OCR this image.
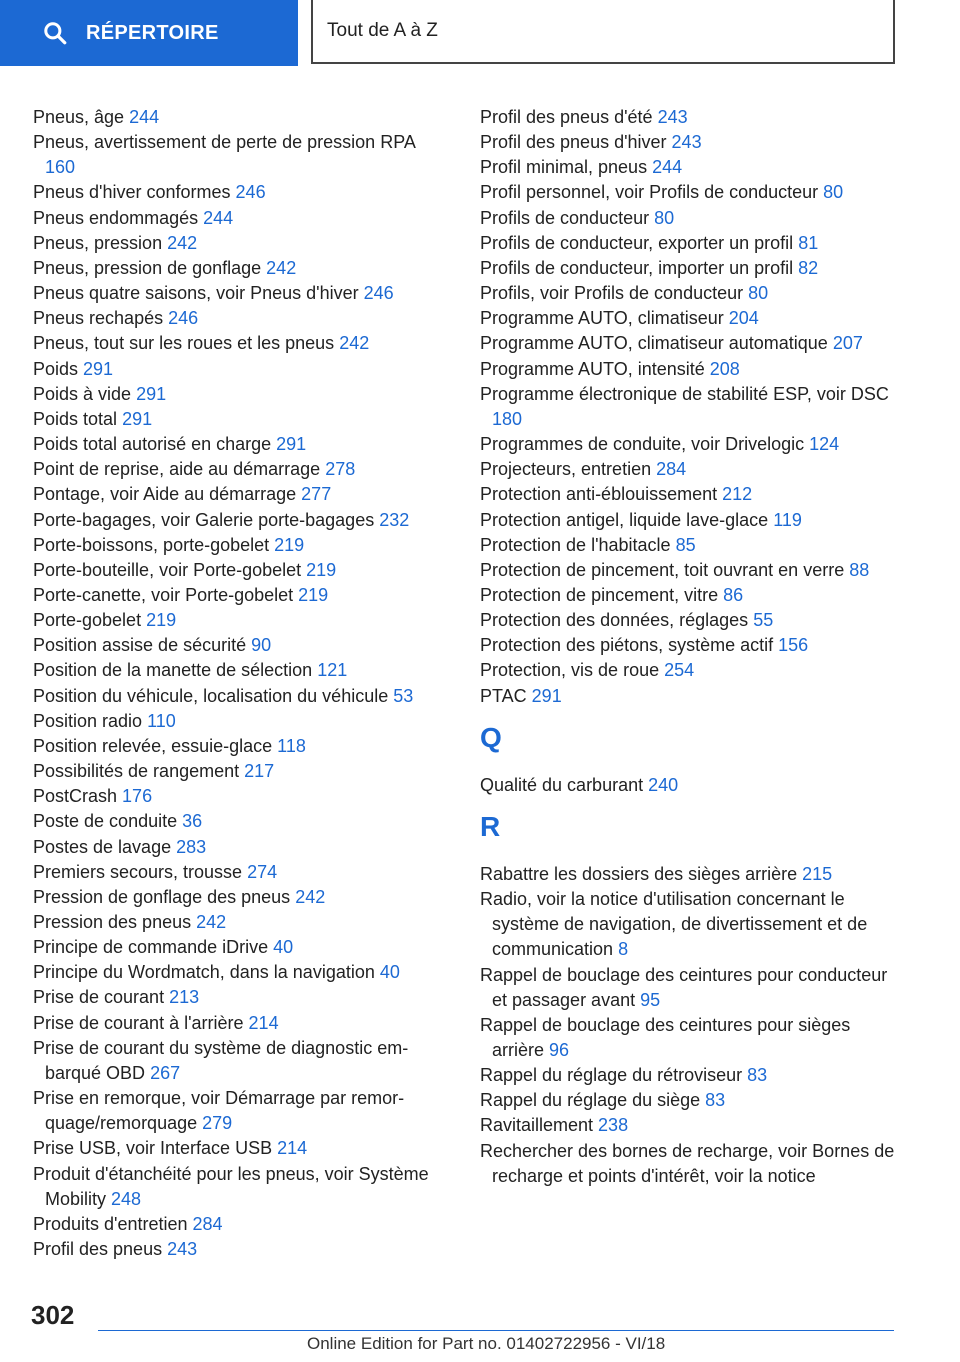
RÉPERTOIRE	Tout de A à Z
Pneus, âge 244
Pneus, avertissement de perte de pression RPA 160
Pneus d'hiver conformes 246
Pneus endommagés 244
Pneus, pression 242
Pneus, pression de gonflage 242
Pneus quatre saisons, voir Pneus d'hiver 246
Pneus rechapés 246
Pneus, tout sur les roues et les pneus 242
Poids 291
Poids à vide 291
Poids total 291
Poids total autorisé en charge 291
Point de reprise, aide au démarrage 278
Pontage, voir Aide au démarrage 277
Porte-bagages, voir Galerie porte-bagages 232
Porte-boissons, porte-gobelet 219
Porte-bouteille, voir Porte-gobelet 219
Porte-canette, voir Porte-gobelet 219
Porte-gobelet 219
Position assise de sécurité 90
Position de la manette de sélection 121
Position du véhicule, localisation du véhicule 53
Position radio 110
Position relevée, essuie-glace 118
Possibilités de rangement 217
PostCrash 176
Poste de conduite 36
Postes de lavage 283
Premiers secours, trousse 274
Pression de gonflage des pneus 242
Pression des pneus 242
Principe de commande iDrive 40
Principe du Wordmatch, dans la navigation 40
Prise de courant 213
Prise de courant à l'arrière 214
Prise de courant du système de diagnostic embarqué OBD 267
Prise en remorque, voir Démarrage par remorquage/remorquage 279
Prise USB, voir Interface USB 214
Produit d'étanchéité pour les pneus, voir Système Mobility 248
Produits d'entretien 284
Profil des pneus 243
Profil des pneus d'été 243
Profil des pneus d'hiver 243
Profil minimal, pneus 244
Profil personnel, voir Profils de conducteur 80
Profils de conducteur 80
Profils de conducteur, exporter un profil 81
Profils de conducteur, importer un profil 82
Profils, voir Profils de conducteur 80
Programme AUTO, climatiseur 204
Programme AUTO, climatiseur automatique 207
Programme AUTO, intensité 208
Programme électronique de stabilité ESP, voir DSC 180
Programmes de conduite, voir Drivelogic 124
Projecteurs, entretien 284
Protection anti-éblouissement 212
Protection antigel, liquide lave-glace 119
Protection de l'habitacle 85
Protection de pincement, toit ouvrant en verre 88
Protection de pincement, vitre 86
Protection des données, réglages 55
Protection des piétons, système actif 156
Protection, vis de roue 254
PTAC 291
Q
Qualité du carburant 240
R
Rabattre les dossiers des sièges arrière 215
Radio, voir la notice d'utilisation concernant le système de navigation, de divertissement et de communication 8
Rappel de bouclage des ceintures pour conducteur et passager avant 95
Rappel de bouclage des ceintures pour sièges arrière 96
Rappel du réglage du rétroviseur 83
Rappel du réglage du siège 83
Ravitaillement 238
Rechercher des bornes de recharge, voir Bornes de recharge et points d'intérêt, voir la notice
302
Online Edition for Part no. 01402722956 - VI/18
